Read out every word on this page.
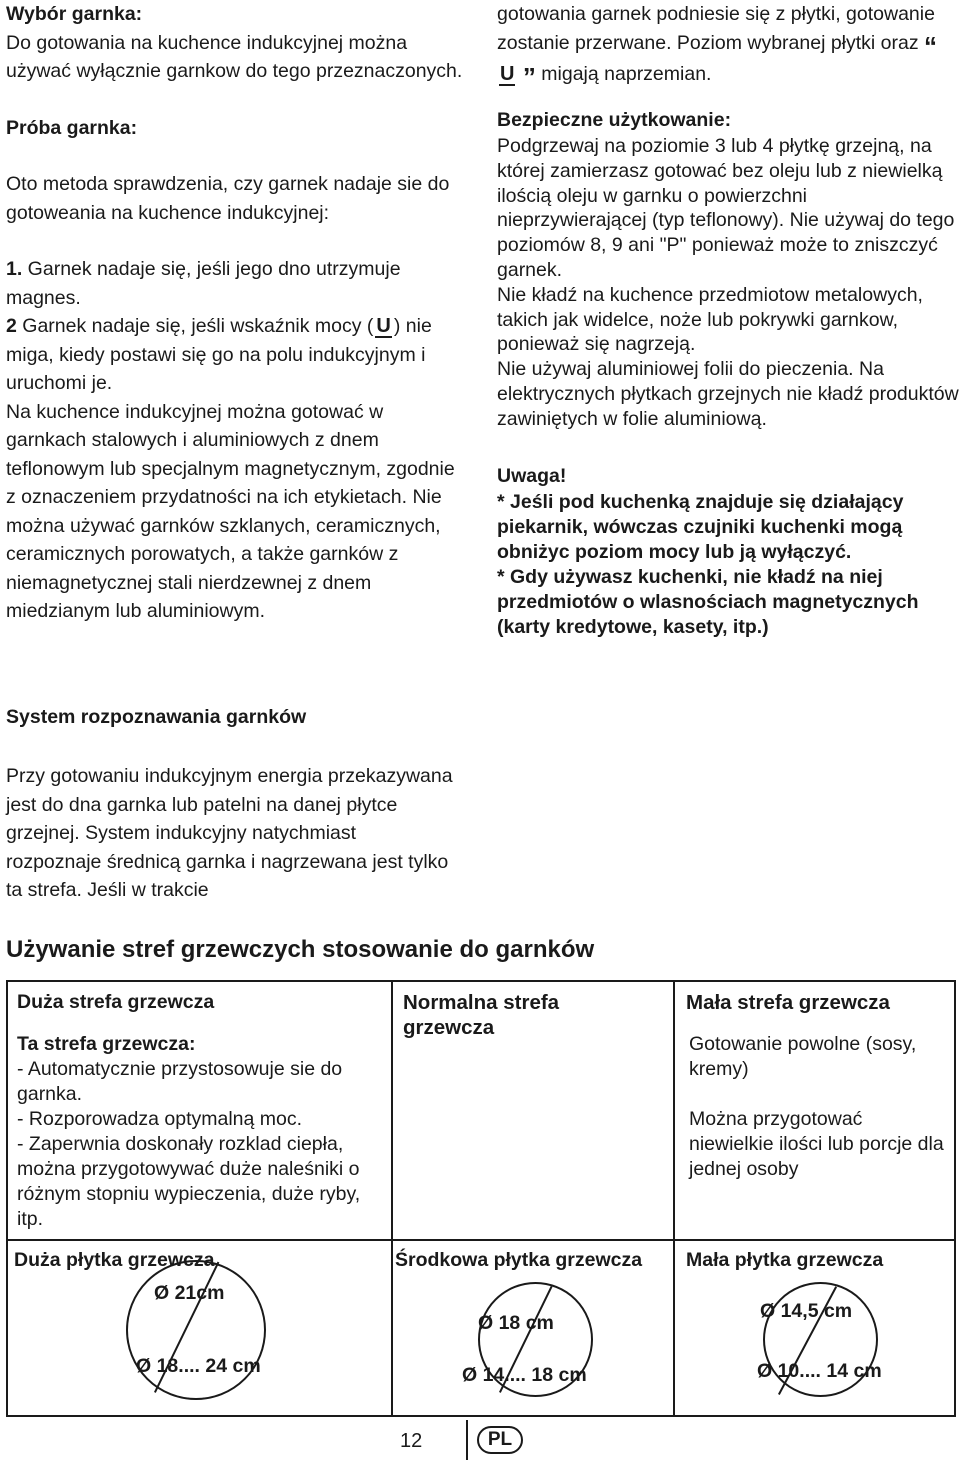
Wybór garnka:

Do gotowania na kuchence indukcyjnej można używać wyłącznie garnkow do tego przeznaczonych.

Próba garnka:

Oto metoda sprawdzenia, czy garnek nadaje sie do gotoweania na kuchence indukcyjnej:

1. Garnek nadaje się, jeśli jego dno utrzymuje magnes.

2 Garnek nadaje się, jeśli wskaźnik mocy ( U ) nie miga, kiedy postawi się go na polu indukcyjnym i uruchomi je.

Na kuchence indukcyjnej można gotować w garnkach stalowych i aluminiowych z dnem teflonowym lub specjalnym magnetycznym, zgodnie z oznaczeniem przydatności na ich etykietach. Nie można używać garnków szklanych, ceramicznych, ceramicznych porowatych, a także garnków z niemagnetycznej stali nierdzewnej z dnem miedzianym lub aluminiowym.

gotowania garnek podniesie się z płytki, gotowanie zostanie przerwane. Poziom wybranej płytki oraz “ U ” migają naprzemian.

Bezpieczne użytkowanie:

Podgrzewaj na poziomie 3 lub 4 płytkę grzejną, na której zamierzasz gotować bez oleju lub z niewielką ilością oleju w garnku o powierzchni nieprzywierającej (typ teflonowy). Nie używaj do tego poziomów 8, 9 ani "P" ponieważ może to zniszczyć garnek.

Nie kładź na kuchence przedmiotow metalowych, takich jak widelce, noże lub pokrywki garnkow, ponieważ się nagrzeją.

Nie używaj aluminiowej folii do pieczenia. Na elektrycznych płytkach grzejnych nie kładź produktów zawiniętych w folie aluminiową.

Uwaga!

* Jeśli pod kuchenką znajduje się działający piekarnik, wówczas czujniki kuchenki mogą obniżyc poziom mocy lub ją wyłączyć.

* Gdy używasz kuchenki, nie kładź na niej przedmiotów o wlasnościach magnetycznych (karty kredytowe, kasety, itp.)

System rozpoznawania garnków
Przy gotowaniu indukcyjnym energia przekazywana jest do dna garnka lub patelni na danej płytce grzejnej. System indukcyjny natychmiast rozpoznaje średnicą garnka i nagrzewana jest tylko ta strefa. Jeśli w trakcie
Używanie stref grzewczych stosowanie do garnków
Duża strefa grzewcza
Ta strefa grzewcza:
- Automatycznie przystosowuje sie do garnka.
- Rozporowadza optymalną moc.
- Zaperwnia doskonały rozklad ciepła, można przygotowywać duże naleśniki o różnym stopniu wypieczenia, duże ryby, itp.
Duża płytka grzewcza
Ø 21cm
Ø 18.... 24 cm
Normalna strefa grzewcza
Środkowa płytka grzewcza
Ø 18 cm
Ø 14.... 18 cm
Mała strefa grzewcza
Gotowanie powolne (sosy, kremy)
Można przygotować niewielkie ilości lub porcje dla jednej osoby
Mała płytka grzewcza
Ø 14,5 cm
Ø 10.... 14 cm
12	PL
